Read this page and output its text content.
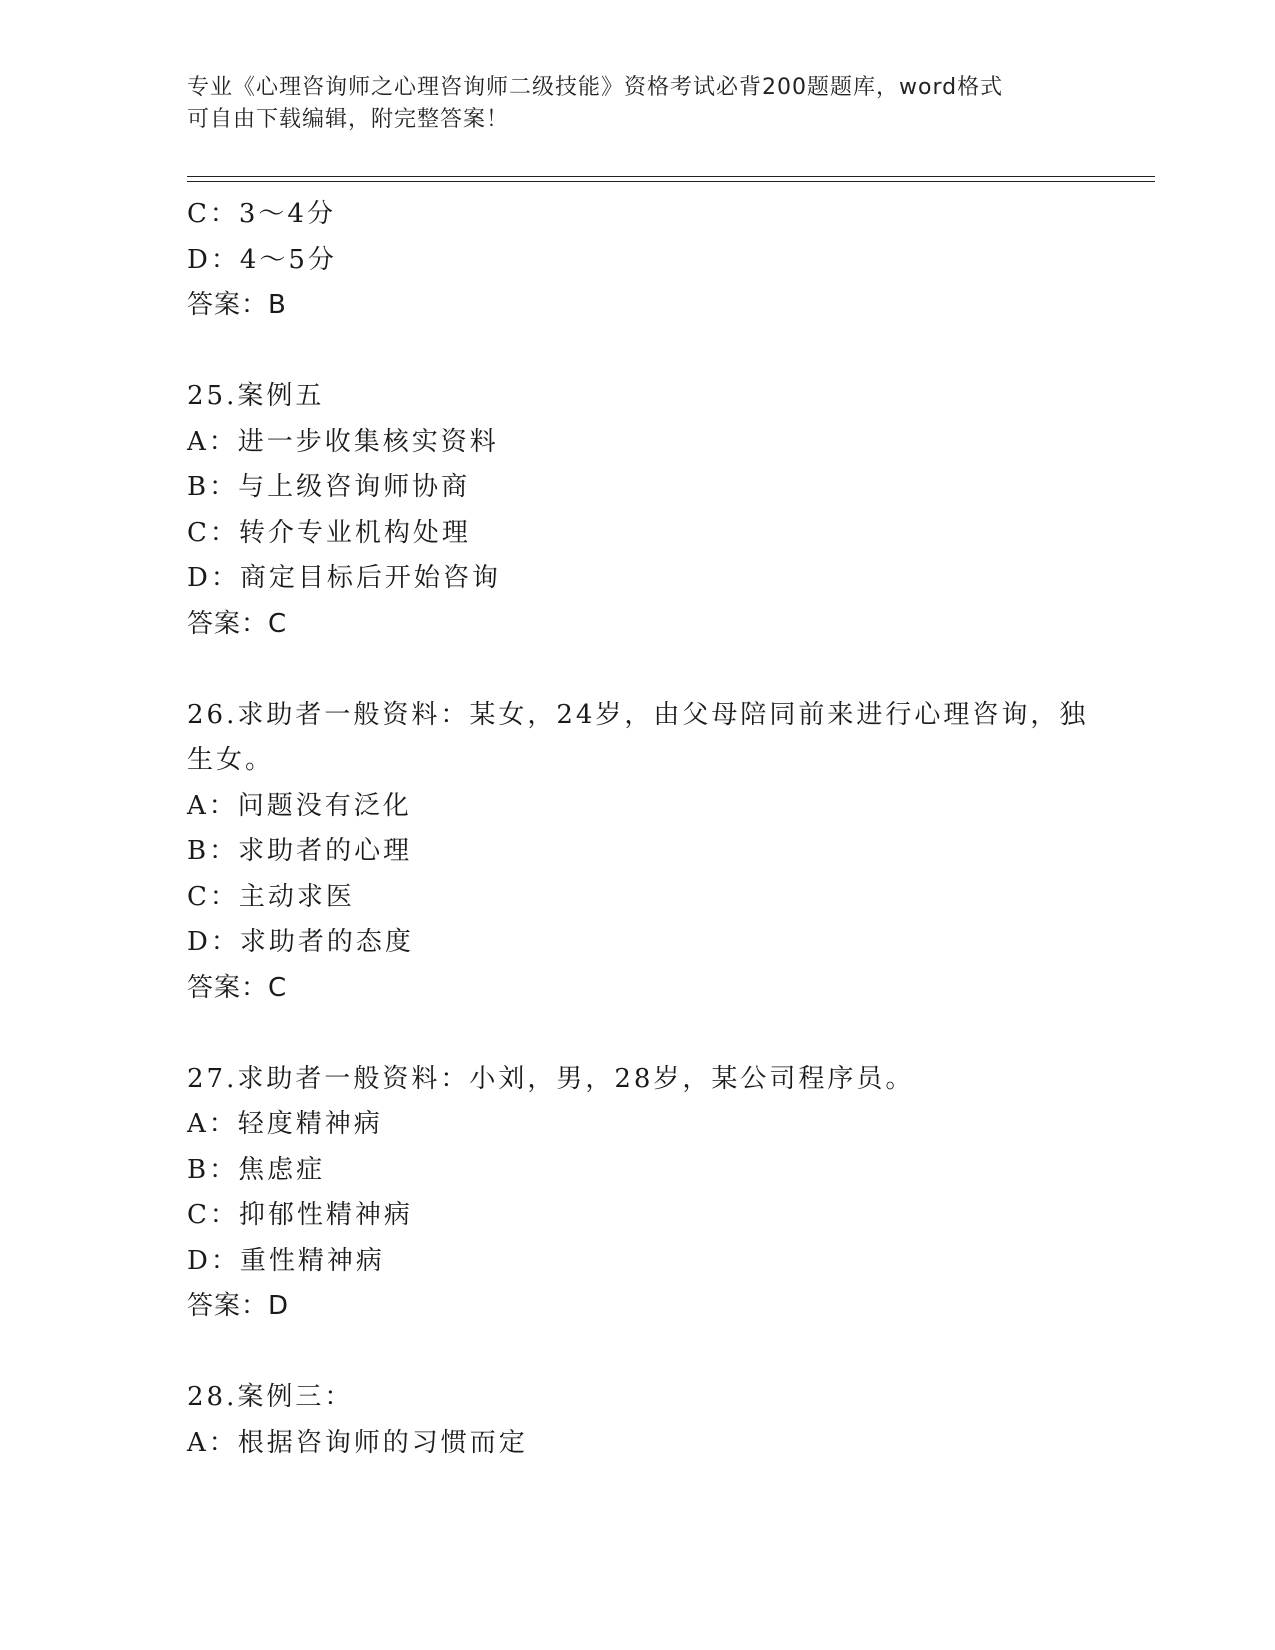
专业《心理咨询师之心理咨询师二级技能》资格考试必背200题题库，word格式
可自由下载编辑，附完整答案！
C：3～4分
D：4～5分
答案：B
25.案例五
A：进一步收集核实资料
B：与上级咨询师协商
C：转介专业机构处理
D：商定目标后开始咨询
答案：C
26.求助者一般资料：某女，24岁，由父母陪同前来进行心理咨询，独
生女。
A：问题没有泛化
B：求助者的心理
C：主动求医
D：求助者的态度
答案：C
27.求助者一般资料：小刘，男，28岁，某公司程序员。
A：轻度精神病
B：焦虑症
C：抑郁性精神病
D：重性精神病
答案：D
28.案例三：
A：根据咨询师的习惯而定
